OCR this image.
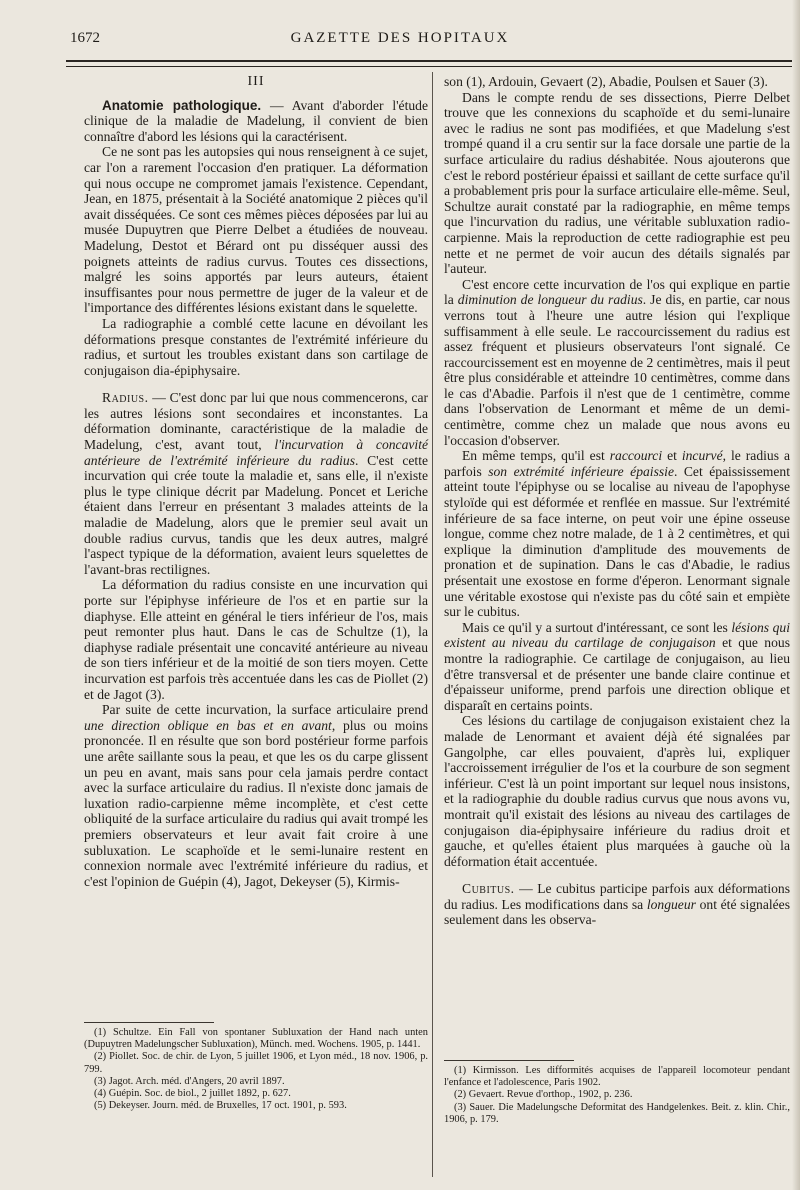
1672	GAZETTE DES HOPITAUX

III

Anatomie pathologique. — Avant d'aborder l'étude clinique de la maladie de Madelung, il convient de bien connaître d'abord les lésions qui la caractérisent.

Ce ne sont pas les autopsies qui nous renseignent à ce sujet, car l'on a rarement l'occasion d'en pratiquer. La déformation qui nous occupe ne compromet jamais l'existence. Cependant, Jean, en 1875, présentait à la Société anatomique 2 pièces qu'il avait disséquées. Ce sont ces mêmes pièces déposées par lui au musée Dupuytren que Pierre Delbet a étudiées de nouveau. Madelung, Destot et Bérard ont pu disséquer aussi des poignets atteints de radius curvus. Toutes ces dissections, malgré les soins apportés par leurs auteurs, étaient insuffisantes pour nous permettre de juger de la valeur et de l'importance des différentes lésions existant dans le squelette.

La radiographie a comblé cette lacune en dévoilant les déformations presque constantes de l'extrémité inférieure du radius, et surtout les troubles existant dans son cartilage de conjugaison dia-épiphysaire.

Radius. — C'est donc par lui que nous commencerons, car les autres lésions sont secondaires et inconstantes. La déformation dominante, caractéristique de la maladie de Madelung, c'est, avant tout, l'incurvation à concavité antérieure de l'extrémité inférieure du radius. C'est cette incurvation qui crée toute la maladie et, sans elle, il n'existe plus le type clinique décrit par Madelung. Poncet et Leriche étaient dans l'erreur en présentant 3 malades atteints de la maladie de Madelung, alors que le premier seul avait un double radius curvus, tandis que les deux autres, malgré l'aspect typique de la déformation, avaient leurs squelettes de l'avant-bras rectilignes.

La déformation du radius consiste en une incurvation qui porte sur l'épiphyse inférieure de l'os et en partie sur la diaphyse. Elle atteint en général le tiers inférieur de l'os, mais peut remonter plus haut. Dans le cas de Schultze (1), la diaphyse radiale présentait une concavité antérieure au niveau de son tiers inférieur et de la moitié de son tiers moyen. Cette incurvation est parfois très accentuée dans les cas de Piollet (2) et de Jagot (3).

Par suite de cette incurvation, la surface articulaire prend une direction oblique en bas et en avant, plus ou moins prononcée. Il en résulte que son bord postérieur forme parfois une arête saillante sous la peau, et que les os du carpe glissent un peu en avant, mais sans pour cela jamais perdre contact avec la surface articulaire du radius. Il n'existe donc jamais de luxation radio-carpienne même incomplète, et c'est cette obliquité de la surface articulaire du radius qui avait trompé les premiers observateurs et leur avait fait croire à une subluxation. Le scaphoïde et le semi-lunaire restent en connexion normale avec l'extrémité inférieure du radius, et c'est l'opinion de Guépin (4), Jagot, Dekeyser (5), Kirmis-

(1) Schultze. Ein Fall von spontaner Subluxation der Hand nach unten (Dupuytren Madelungscher Subluxation), Münch. med. Wochens. 1905, p. 1441.

(2) Piollet. Soc. de chir. de Lyon, 5 juillet 1906, et Lyon méd., 18 nov. 1906, p. 799.

(3) Jagot. Arch. méd. d'Angers, 20 avril 1897.

(4) Guépin. Soc. de biol., 2 juillet 1892, p. 627.

(5) Dekeyser. Journ. méd. de Bruxelles, 17 oct. 1901, p. 593.

son (1), Ardouin, Gevaert (2), Abadie, Poulsen et Sauer (3).

Dans le compte rendu de ses dissections, Pierre Delbet trouve que les connexions du scaphoïde et du semi-lunaire avec le radius ne sont pas modifiées, et que Madelung s'est trompé quand il a cru sentir sur la face dorsale une partie de la surface articulaire du radius déshabitée. Nous ajouterons que c'est le rebord postérieur épaissi et saillant de cette surface qu'il a probablement pris pour la surface articulaire elle-même. Seul, Schultze aurait constaté par la radiographie, en même temps que l'incurvation du radius, une véritable subluxation radio-carpienne. Mais la reproduction de cette radiographie est peu nette et ne permet de voir aucun des détails signalés par l'auteur.

C'est encore cette incurvation de l'os qui explique en partie la diminution de longueur du radius. Je dis, en partie, car nous verrons tout à l'heure une autre lésion qui l'explique suffisamment à elle seule. Le raccourcissement du radius est assez fréquent et plusieurs observateurs l'ont signalé. Ce raccourcissement est en moyenne de 2 centimètres, mais il peut être plus considérable et atteindre 10 centimètres, comme dans le cas d'Abadie. Parfois il n'est que de 1 centimètre, comme dans l'observation de Lenormant et même de un demi-centimètre, comme chez un malade que nous avons eu l'occasion d'observer.

En même temps, qu'il est raccourci et incurvé, le radius a parfois son extrémité inférieure épaissie. Cet épaississement atteint toute l'épiphyse ou se localise au niveau de l'apophyse styloïde qui est déformée et renflée en massue. Sur l'extrémité inférieure de sa face interne, on peut voir une épine osseuse longue, comme chez notre malade, de 1 à 2 centimètres, et qui explique la diminution d'amplitude des mouvements de pronation et de supination. Dans le cas d'Abadie, le radius présentait une exostose en forme d'éperon. Lenormant signale une véritable exostose qui n'existe pas du côté sain et empiète sur le cubitus.

Mais ce qu'il y a surtout d'intéressant, ce sont les lésions qui existent au niveau du cartilage de conjugaison et que nous montre la radiographie. Ce cartilage de conjugaison, au lieu d'être transversal et de présenter une bande claire continue et d'épaisseur uniforme, prend parfois une direction oblique et disparaît en certains points.

Ces lésions du cartilage de conjugaison existaient chez la malade de Lenormant et avaient déjà été signalées par Gangolphe, car elles pouvaient, d'après lui, expliquer l'accroissement irrégulier de l'os et la courbure de son segment inférieur. C'est là un point important sur lequel nous insistons, et la radiographie du double radius curvus que nous avons vu, montrait qu'il existait des lésions au niveau des cartilages de conjugaison dia-épiphysaire inférieure du radius droit et gauche, et qu'elles étaient plus marquées à gauche où la déformation était accentuée.

Cubitus. — Le cubitus participe parfois aux déformations du radius. Les modifications dans sa longueur ont été signalées seulement dans les observa-

(1) Kirmisson. Les difformités acquises de l'appareil locomoteur pendant l'enfance et l'adolescence, Paris 1902.

(2) Gevaert. Revue d'orthop., 1902, p. 236.

(3) Sauer. Die Madelungsche Deformitat des Handgelenkes. Beit. z. klin. Chir., 1906, p. 179.
